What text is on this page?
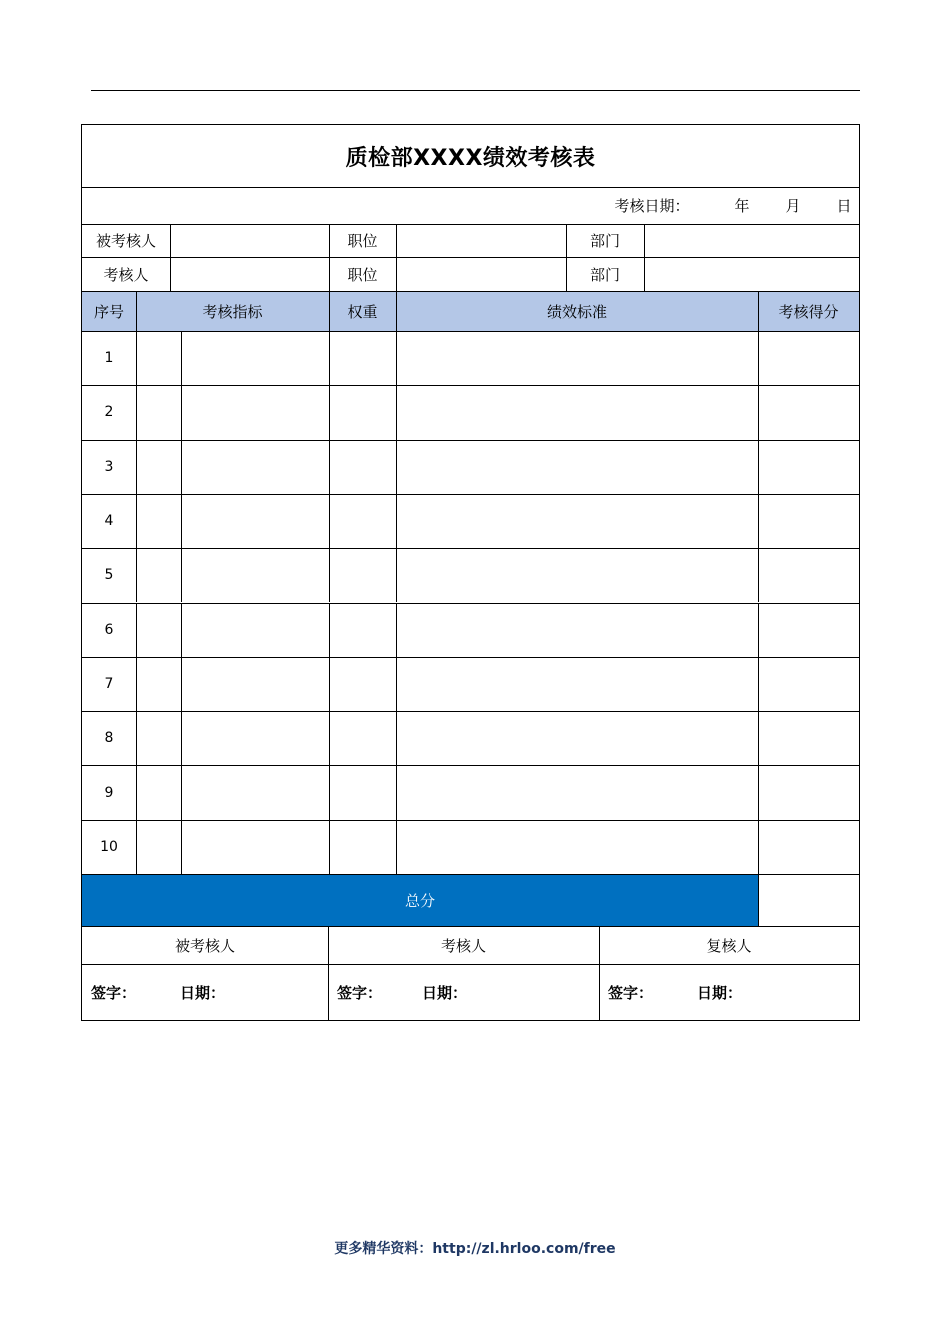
质检部XXXX绩效考核表
考核日期：	年 月 日
被考核人	职位	部门
考核人	职位	部门
序号	考核指标	权重	绩效标准	考核得分
1
2
3
4
5
6
7
8
9
10
总分
被考核人	考核人	复核人
签字：	日期：	签字：	日期：	签字：	日期：
更多精华资料：http://zl.hrloo.com/free
